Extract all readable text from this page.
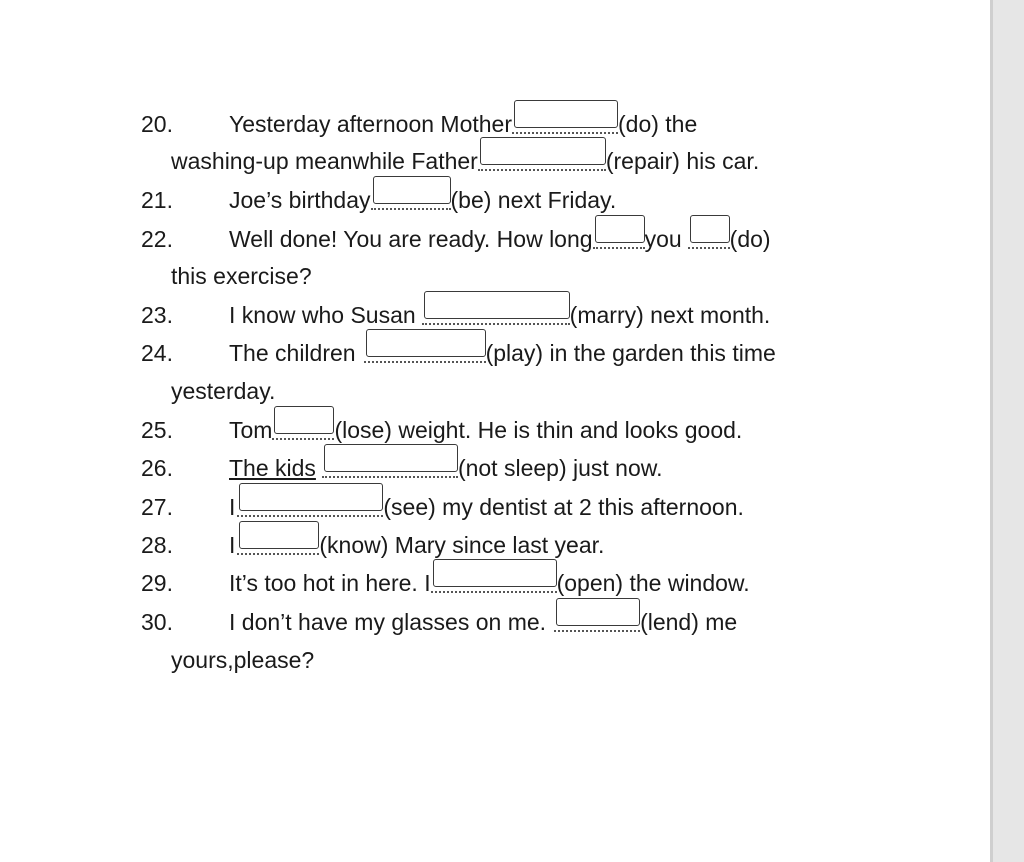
20. Yesterday afternoon Mother	(do) the
washing-up meanwhile Father	(repair) his car.
21. Joe’s birthday	(be) next Friday.
22. Well done! You are ready. How long you (do)
this exercise?
23. I know who Susan	(marry) next month.
24. The children	(play) in the garden this time
yesterday.
25. Tom	(lose) weight. He is thin and looks good.
26. The kids	(not sleep) just now.
27. I	(see) my dentist at 2 this afternoon.
28. I	(know) Mary since last year.
29. It’s too hot in here. I	(open) the window.
30. I don’t have my glasses on me.	(lend) me
yours,please?
